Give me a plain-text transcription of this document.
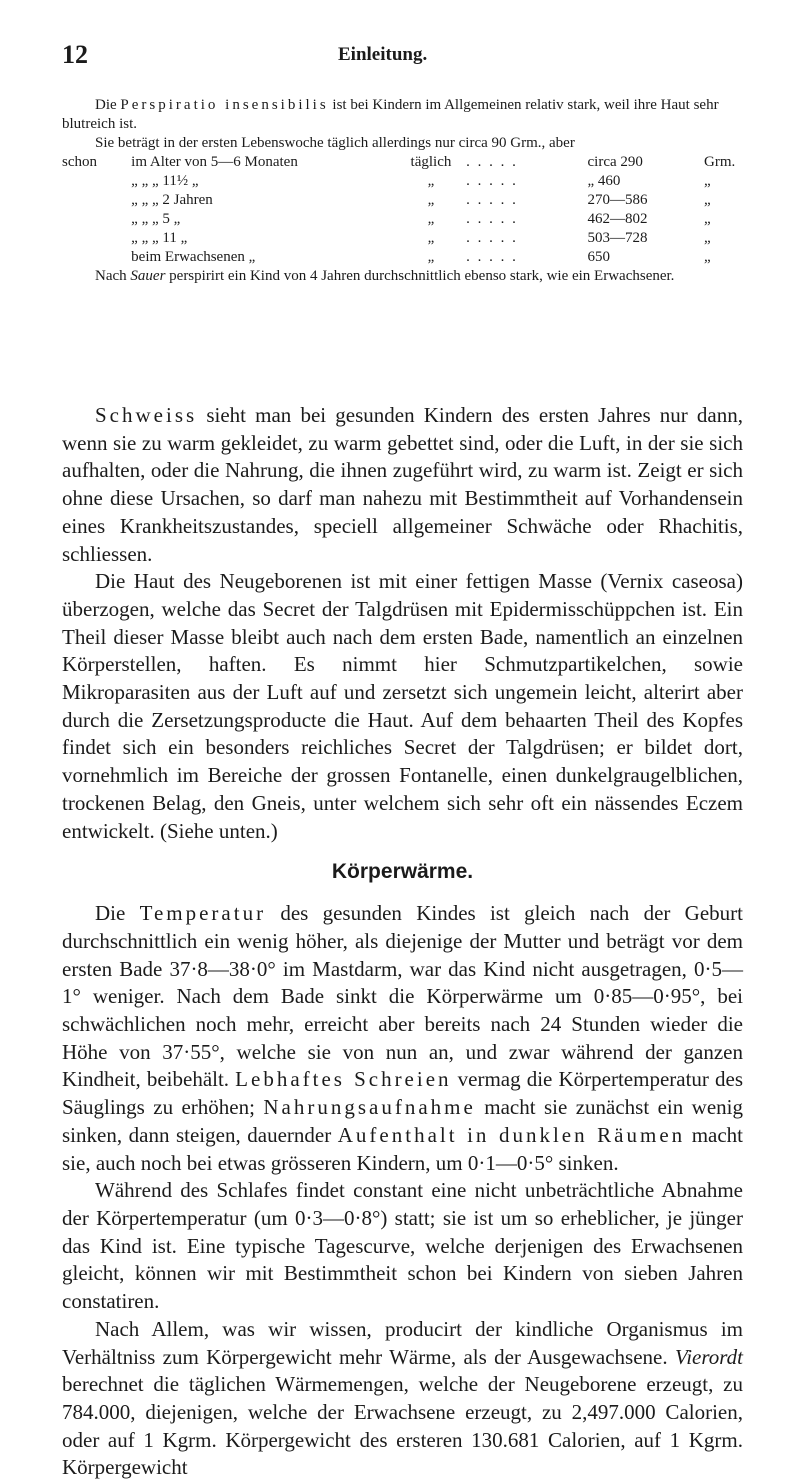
12	Einleitung.

Die Perspiratio insensibilis ist bei Kindern im Allgemeinen relativ stark, weil ihre Haut sehr blutreich ist.

Sie beträgt in der ersten Lebenswoche täglich allerdings nur circa 90 Grm., aber

schon	im Alter von 5—6 Monaten	täglich	. . . . .	circa 290	Grm.
	„ „ „ 11½ „	„	. . . . .	„ 460	„
	„ „ „ 2 Jahren	„	. . . . .	270—586	„
	„ „ „ 5 „	„	. . . . .	462—802	„
	„ „ „ 11 „	„	. . . . .	503—728	„
	beim Erwachsenen „	„	. . . . .	650	„

Nach Sauer perspirirt ein Kind von 4 Jahren durchschnittlich ebenso stark, wie ein Erwachsener.

Schweiss sieht man bei gesunden Kindern des ersten Jahres nur dann, wenn sie zu warm gekleidet, zu warm gebettet sind, oder die Luft, in der sie sich aufhalten, oder die Nahrung, die ihnen zugeführt wird, zu warm ist. Zeigt er sich ohne diese Ursachen, so darf man nahezu mit Bestimmtheit auf Vorhandensein eines Krankheitszustandes, speciell allgemeiner Schwäche oder Rhachitis, schliessen.

Die Haut des Neugeborenen ist mit einer fettigen Masse (Vernix caseosa) überzogen, welche das Secret der Talgdrüsen mit Epidermisschüppchen ist. Ein Theil dieser Masse bleibt auch nach dem ersten Bade, namentlich an einzelnen Körperstellen, haften. Es nimmt hier Schmutzpartikelchen, sowie Mikroparasiten aus der Luft auf und zersetzt sich ungemein leicht, alterirt aber durch die Zersetzungsproducte die Haut. Auf dem behaarten Theil des Kopfes findet sich ein besonders reichliches Secret der Talgdrüsen; er bildet dort, vornehmlich im Bereiche der grossen Fontanelle, einen dunkelgraugelblichen, trockenen Belag, den Gneis, unter welchem sich sehr oft ein nässendes Eczem entwickelt. (Siehe unten.)

Körperwärme.

Die Temperatur des gesunden Kindes ist gleich nach der Geburt durchschnittlich ein wenig höher, als diejenige der Mutter und beträgt vor dem ersten Bade 37·8—38·0° im Mastdarm, war das Kind nicht ausgetragen, 0·5—1° weniger. Nach dem Bade sinkt die Körperwärme um 0·85—0·95°, bei schwächlichen noch mehr, erreicht aber bereits nach 24 Stunden wieder die Höhe von 37·55°, welche sie von nun an, und zwar während der ganzen Kindheit, beibehält. Lebhaftes Schreien vermag die Körpertemperatur des Säuglings zu erhöhen; Nahrungsaufnahme macht sie zunächst ein wenig sinken, dann steigen, dauernder Aufenthalt in dunklen Räumen macht sie, auch noch bei etwas grösseren Kindern, um 0·1—0·5° sinken.

Während des Schlafes findet constant eine nicht unbeträchtliche Abnahme der Körpertemperatur (um 0·3—0·8°) statt; sie ist um so erheblicher, je jünger das Kind ist. Eine typische Tagescurve, welche derjenigen des Erwachsenen gleicht, können wir mit Bestimmtheit schon bei Kindern von sieben Jahren constatiren.

Nach Allem, was wir wissen, producirt der kindliche Organismus im Verhältniss zum Körpergewicht mehr Wärme, als der Ausgewachsene. Vierordt berechnet die täglichen Wärmemengen, welche der Neugeborene erzeugt, zu 784.000, diejenigen, welche der Erwachsene erzeugt, zu 2,497.000 Calorien, oder auf 1 Kgrm. Körpergewicht des ersteren 130.681 Calorien, auf 1 Kgrm. Körpergewicht
